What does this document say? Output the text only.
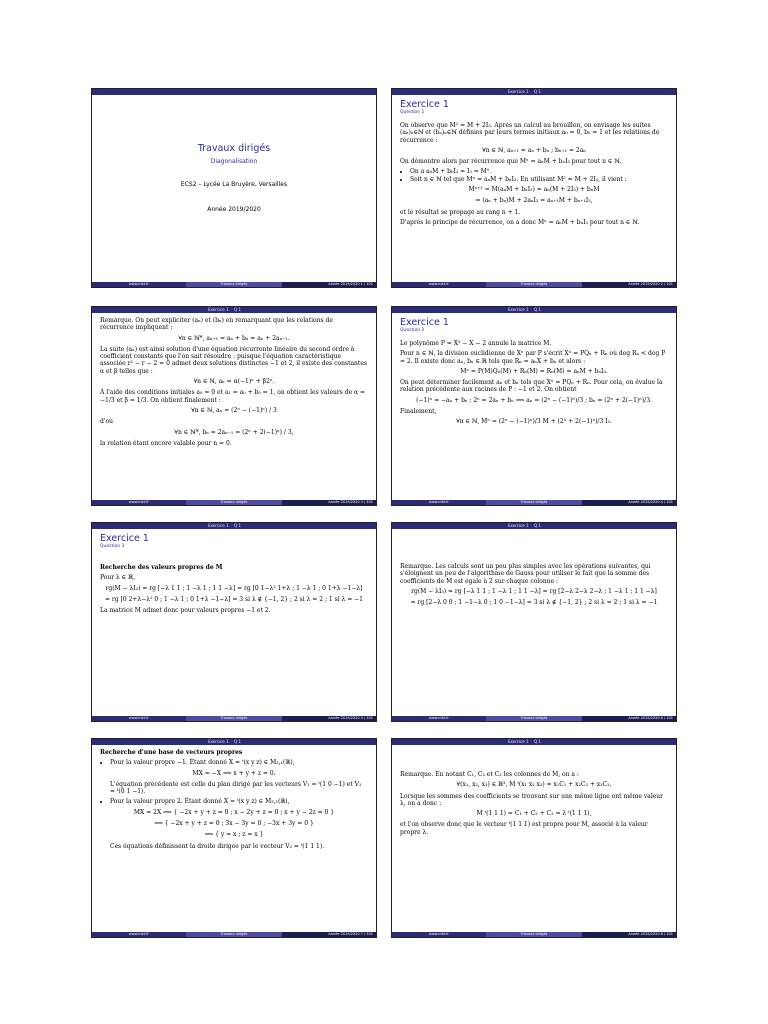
Travaux dirigés
Diagonalisation
ECS2 – Lycée La Bruyère, Versailles
Année 2019/2020
www.mkt.fr	Travaux dirigés	Année 2019/2020 1 / 101
Exercice 1 Q 1
Exercice 1
Question 1

On observe que M² = M + 2I₃. Après un calcul au brouillon, on envisage les suites (aₙ)ₙ∈ℕ et (bₙ)ₙ∈ℕ définies par leurs termes initiaux a₀ = 0, b₀ = 1 et les relations de récurrence :

∀n ∈ ℕ, aₙ₊₁ = aₙ + bₙ ; bₙ₊₁ = 2aₙ

On démontre alors par récurrence que Mⁿ = aₙM + bₙI₃ pour tout n ∈ ℕ.

• On a a₀M + b₀I₃ = I₃ = M⁰.
• Soit n ∈ ℕ tel que Mⁿ = aₙM + bₙI₃. En utilisant M² = M + 2I₃, il vient :
Mⁿ⁺¹ = M(aₙM + bₙI₃) = aₙ(M + 2I₃) + bₙM
= (aₙ + bₙ)M + 2aₙI₃ = aₙ₊₁M + bₙ₊₁I₃,

et le résultat se propage au rang n + 1.

D'après le principe de récurrence, on a donc Mⁿ = aₙM + bₙI₃ pour tout n ∈ ℕ.

www.mkt.fr	Travaux dirigés	Année 2019/2020 2 / 101
Exercice 1 Q 1

Remarque. On peut expliciter (aₙ) et (bₙ) en remarquant que les relations de récurrence impliquent :

∀n ∈ ℕ*, aₙ₊₁ = aₙ + bₙ = aₙ + 2aₙ₋₁.

La suite (aₙ) est ainsi solution d'une équation récurrente linéaire du second ordre à coefficient constants que l'on sait résoudre : puisque l'équation caractéristique associée r² − r − 2 = 0 admet deux solutions distinctes −1 et 2, il existe des constantes α et β telles que :

∀n ∈ ℕ, aₙ = α(−1)ⁿ + β2ⁿ.

À l'aide des conditions initiales a₀ = 0 et a₁ = a₀ + b₀ = 1, on obtient les valeurs de α = −1/3 et β = 1/3. On obtient finalement :

∀n ∈ ℕ, aₙ = (2ⁿ − (−1)ⁿ) / 3

d'où

∀n ∈ ℕ*, bₙ = 2aₙ₋₁ = (2ⁿ + 2(−1)ⁿ) / 3,

la relation étant encore valable pour n = 0.

www.mkt.fr	Travaux dirigés	Année 2019/2020 3 / 101
Exercice 1 Q 1
Exercice 1
Question 2

Le polynôme P = X² − X − 2 annule la matrice M.

Pour n ∈ ℕ, la division euclidienne de Xⁿ par P s'écrit Xⁿ = PQₙ + Rₙ où deg Rₙ < deg P = 2. Il existe donc aₙ, bₙ ∈ ℝ tels que Rₙ = aₙX + bₙ et alors :

Mⁿ = P(M)Qₙ(M) + Rₙ(M) = Rₙ(M) = aₙM + bₙI₃.

On peut déterminer facilement aₙ et bₙ tels que Xⁿ = PQₙ + Rₙ. Pour cela, on évalue la relation précédente aux racines de P : −1 et 2. On obtient

(−1)ⁿ = −aₙ + bₙ ; 2ⁿ = 2aₙ + bₙ ⟺ aₙ = (2ⁿ − (−1)ⁿ)/3 ; bₙ = (2ⁿ + 2(−1)ⁿ)/3.

Finalement,

∀n ∈ ℕ, Mⁿ = (2ⁿ − (−1)ⁿ)/3 M + (2ⁿ + 2(−1)ⁿ)/3 I₃.
www.mkt.fr	Travaux dirigés	Année 2019/2020 4 / 101
Exercice 1 Q 1
Exercice 1
Question 3

Recherche des valeurs propres de M

Pour λ ∈ ℝ,

rg(M − λI₃) = rg [−λ 1 1 ; 1 −λ 1 ; 1 1 −λ] = rg [0 1−λ² 1+λ ; 1 −λ 1 ; 0 1+λ −1−λ]
= rg [0 2+λ−λ² 0 ; 1 −λ 1 ; 0 1+λ −1−λ] = 3 si λ ∉ {−1, 2} ; 2 si λ = 2 ; 1 si λ = −1

La matrice M admet donc pour valeurs propres −1 et 2.

www.mkt.fr	Travaux dirigés	Année 2019/2020 5 / 101
Exercice 1 Q 1

Remarque. Les calculs sont un peu plus simples avec les opérations suivantes, qui s'éloignent un peu de l'algorithme de Gauss pour utiliser le fait que la somme des coefficients de M est égale à 2 sur chaque colonne :

rg(M − λI₃) = rg [−λ 1 1 ; 1 −λ 1 ; 1 1 −λ] = rg [2−λ 2−λ 2−λ ; 1 −λ 1 ; 1 1 −λ]
= rg [2−λ 0 0 ; 1 −1−λ 0 ; 1 0 −1−λ] = 3 si λ ∉ {−1, 2} ; 2 si λ = 2 ; 1 si λ = −1
www.mkt.fr	Travaux dirigés	Année 2019/2020 6 / 101
Exercice 1 Q 1

Recherche d'une base de vecteurs propres

• Pour la valeur propre −1. Étant donné X = ᵗ(x y z) ∈ M₃,₁(ℝ),
MX = −X ⟺ x + y + z = 0.

L'équation précédente est celle du plan dirigé par les vecteurs V₁ = ᵗ(1 0 −1) et V₂ = ᵗ(0 1 −1).

• Pour la valeur propre 2. Étant donné X = ᵗ(x y z) ∈ M₃,₁(ℝ),
MX = 2X ⟺ { −2x + y + z = 0 ; x − 2y + z = 0 ; x + y − 2z = 0 }
⟺ { −2x + y + z = 0 ; 3x − 3y = 0 ; −3x + 3y = 0 }
⟺ { y = x ; z = x }

Ces équations définissent la droite dirigée par le vecteur V₃ = ᵗ(1 1 1).

www.mkt.fr	Travaux dirigés	Année 2019/2020 7 / 101
Exercice 1 Q 1

Remarque. En notant C₁, C₂ et C₃ les colonnes de M, on a :

∀(x₁, x₂, x₃) ∈ ℝ³, M ᵗ(x₁ x₂ x₃) = x₁C₁ + x₂C₂ + x₃C₃.

Lorsque les sommes des coefficients se trouvant sur une même ligne ont même valeur λ, on a donc :

M ᵗ(1 1 1) = C₁ + C₂ + C₃ = λ ᵗ(1 1 1),

et l'on observe donc que le vecteur ᵗ(1 1 1) est propre pour M, associé à la valeur propre λ.

www.mkt.fr	Travaux dirigés	Année 2019/2020 8 / 101
